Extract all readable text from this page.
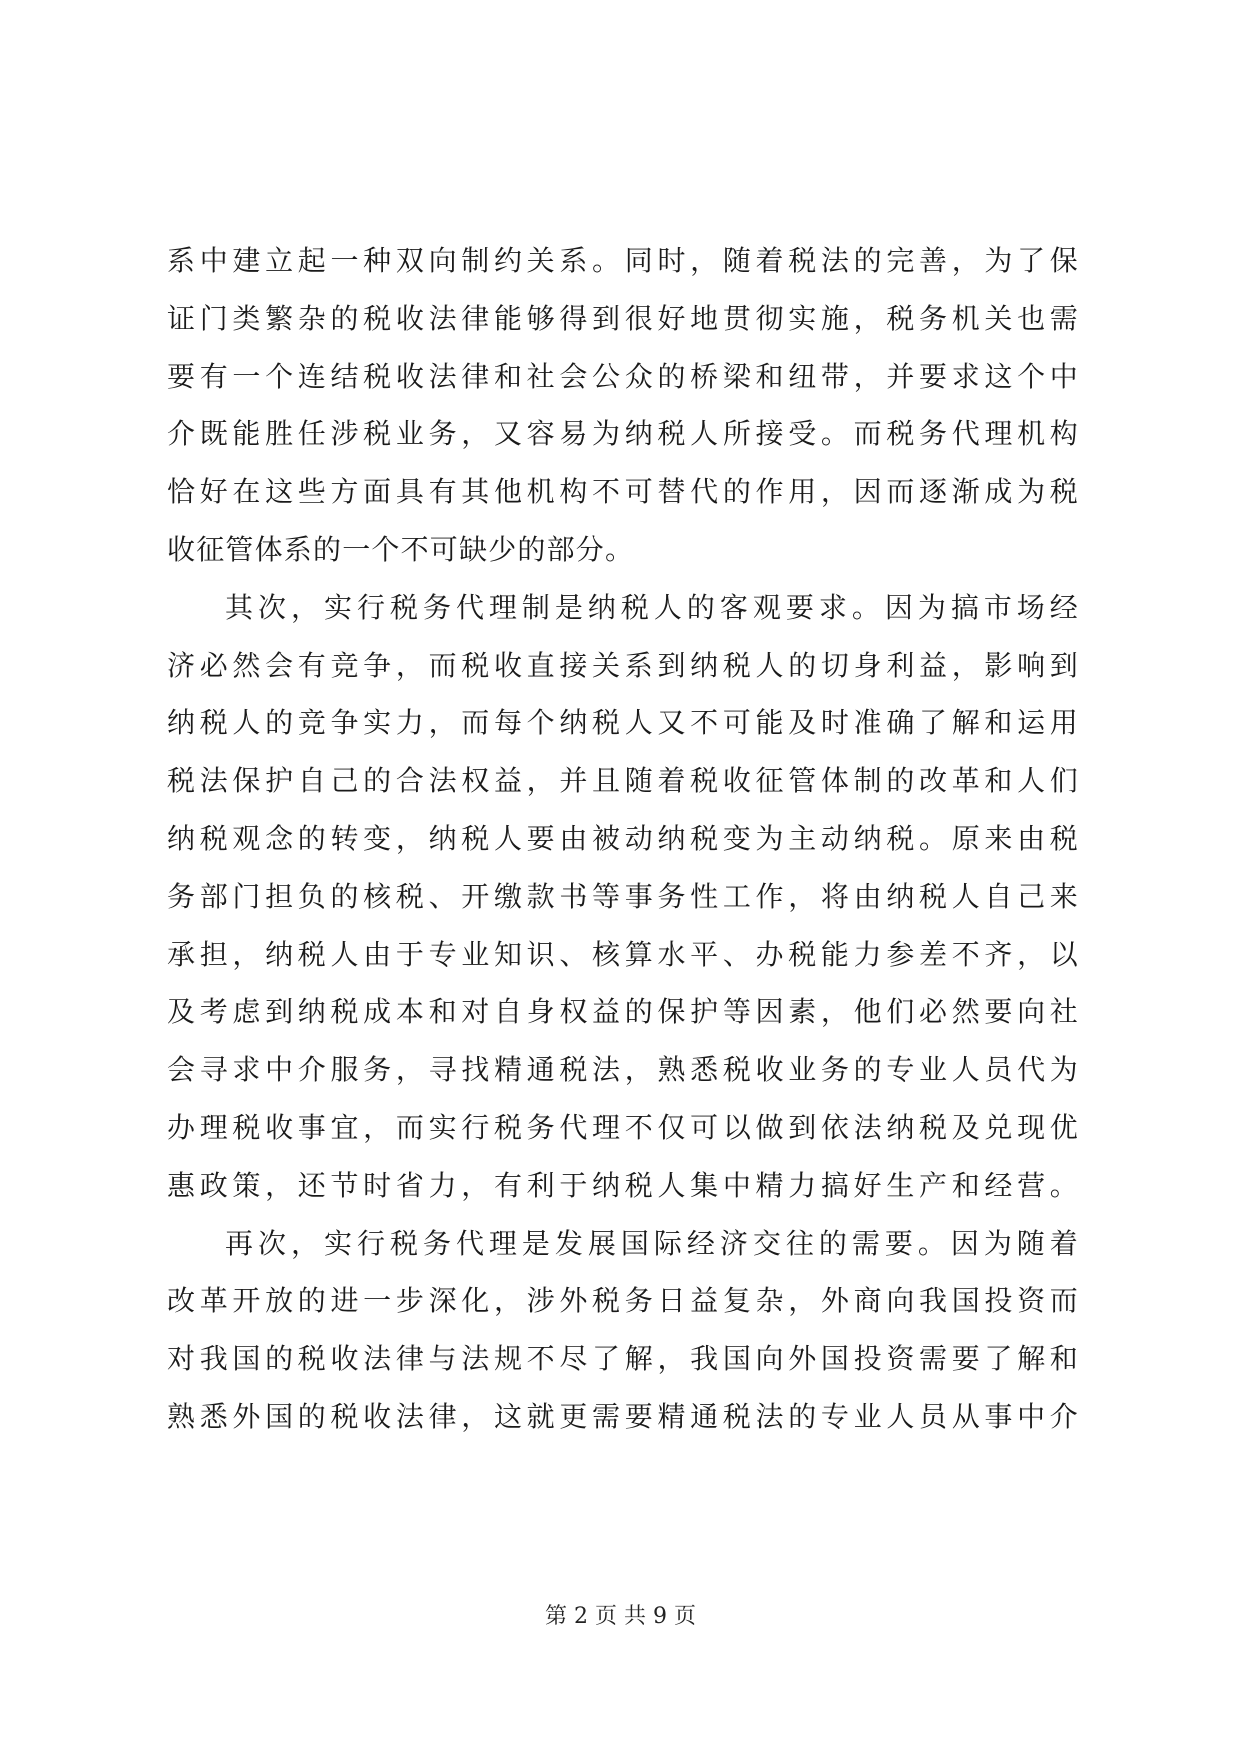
系中建立起一种双向制约关系。同时，随着税法的完善，为了保
证门类繁杂的税收法律能够得到很好地贯彻实施，税务机关也需
要有一个连结税收法律和社会公众的桥梁和纽带，并要求这个中
介既能胜任涉税业务，又容易为纳税人所接受。而税务代理机构
恰好在这些方面具有其他机构不可替代的作用，因而逐渐成为税
收征管体系的一个不可缺少的部分。
其次，实行税务代理制是纳税人的客观要求。因为搞市场经
济必然会有竞争，而税收直接关系到纳税人的切身利益，影响到
纳税人的竞争实力，而每个纳税人又不可能及时准确了解和运用
税法保护自己的合法权益，并且随着税收征管体制的改革和人们
纳税观念的转变，纳税人要由被动纳税变为主动纳税。原来由税
务部门担负的核税、开缴款书等事务性工作，将由纳税人自己来
承担，纳税人由于专业知识、核算水平、办税能力参差不齐，以
及考虑到纳税成本和对自身权益的保护等因素，他们必然要向社
会寻求中介服务，寻找精通税法，熟悉税收业务的专业人员代为
办理税收事宜，而实行税务代理不仅可以做到依法纳税及兑现优
惠政策，还节时省力，有利于纳税人集中精力搞好生产和经营。
再次，实行税务代理是发展国际经济交往的需要。因为随着
改革开放的进一步深化，涉外税务日益复杂，外商向我国投资而
对我国的税收法律与法规不尽了解，我国向外国投资需要了解和
熟悉外国的税收法律，这就更需要精通税法的专业人员从事中介
第 2 页 共 9 页
